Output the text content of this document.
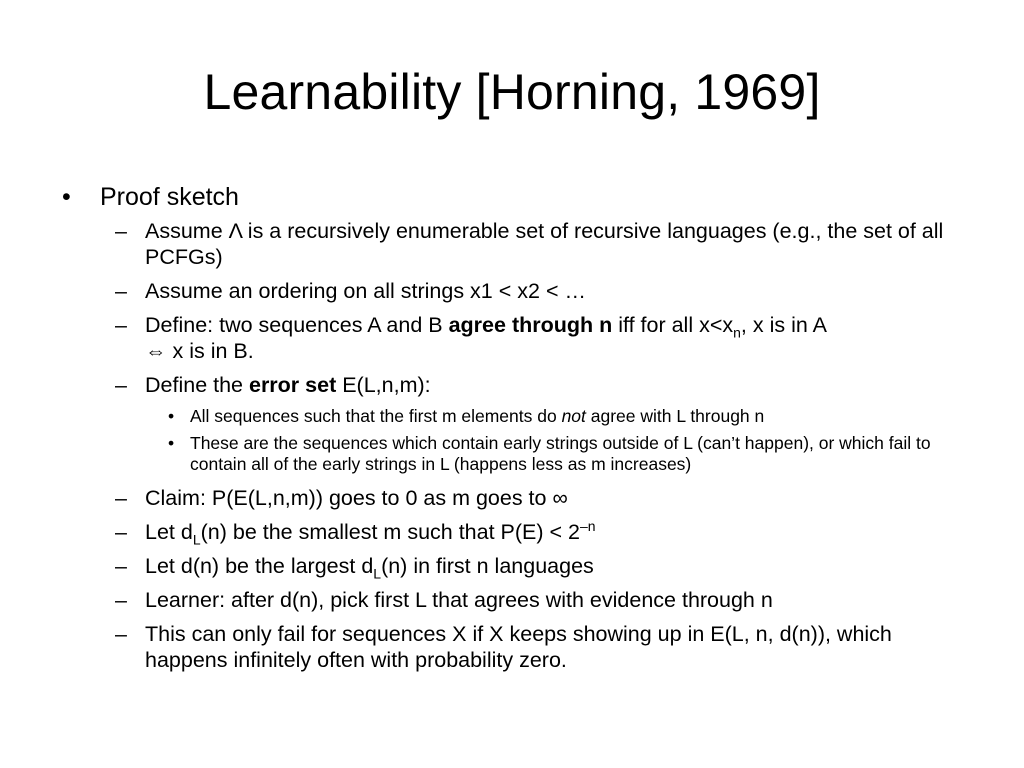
Learnability [Horning, 1969]
• Proof sketch
– Assume Λ is a recursively enumerable set of recursive languages (e.g., the set of all PCFGs)
– Assume an ordering on all strings x1 < x2 < …
– Define: two sequences A and B agree through n iff for all $x<x_n$, x is in A
⇔ x is in B.
– Define the error set E(L,n,m):
• All sequences such that the first m elements do not agree with L through n
• These are the sequences which contain early strings outside of L (can’t happen), or which fail to contain all of the early strings in L (happens less as m increases)
– Claim: P(E(L,n,m)) goes to 0 as m goes to ∞
– Let $d_L(n)$ be the smallest m such that $P(E) < 2^{-n}$
– Let d(n) be the largest $d_L(n)$ in first n languages
– Learner: after d(n), pick first L that agrees with evidence through n
– This can only fail for sequences X if X keeps showing up in E(L, n, d(n)), which happens infinitely often with probability zero.
